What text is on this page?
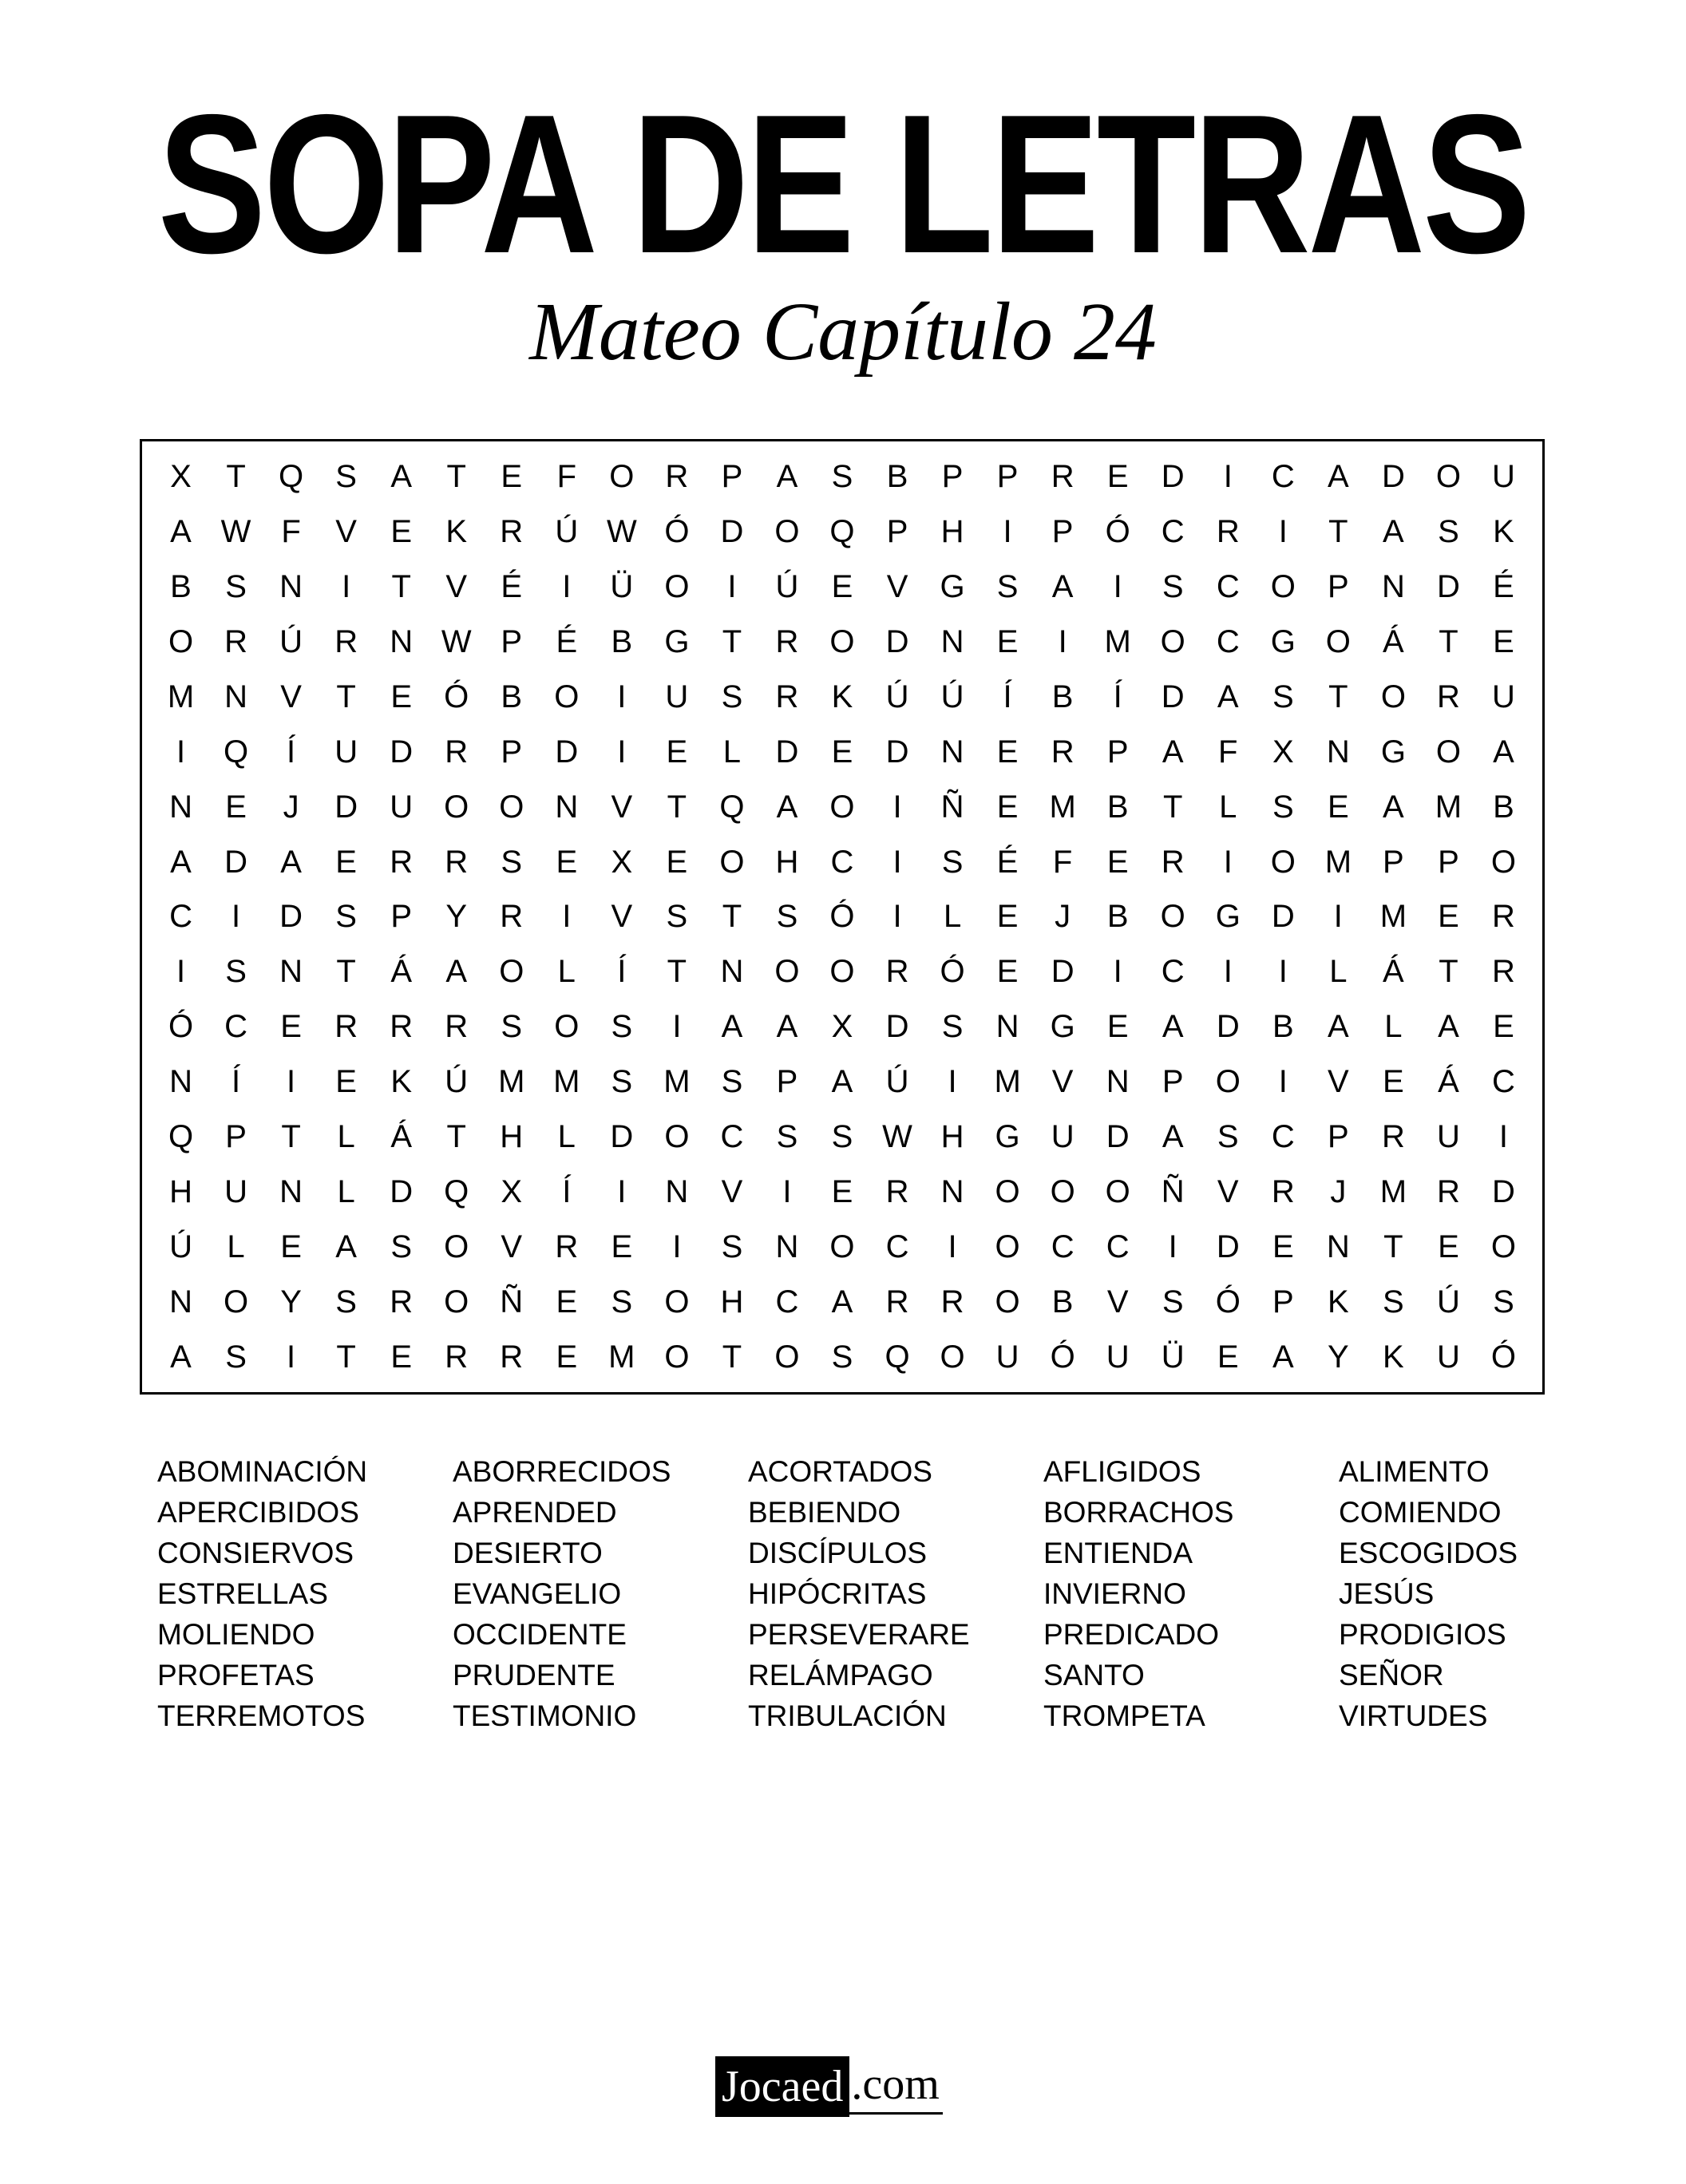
SOPA DE LETRAS
Mateo Capítulo 24
X	T	Q	S	A	T	E	F	O R	P	A	S	B	P	P	R	E	D	I	C	A	D O U
A W F	V	E	K	R	Ú W Ó D O Q	P	H	I	P	Ó C	R	I	T	A	S	K
B	S	N	I	T	V	É	I	Ü O	I	Ú	E	V	G	S	A	I	S	C O	P	N	D	É
O R	Ú	R	N W P	É	B	G	T	R O D	N	E	I	M O C G O	Á	T	E
M N	V	T	E	Ó	B	O	I	U	S	R	K	Ú	Ú	Í	B	Í	D	A	S	T	O R	U
I	Q	Í	U	D	R	P	D	I	E	L	D	E	D	N	E	R	P	A	F	X	N G O	A
N	E	J	D	U O O N	V	T	Q	A	O	I	Ñ	E M B	T	L	S	E	A M B
A	D	A	E	R	R	S	E	X	E	O H	C	I	S	É	F	E	R	I	O M P	P	O
C	I	D	S	P	Y	R	I	V	S	T	S	Ó	I	L	E	J	B	O G D	I	M E	R
I	S	N	T	Á	A	O	L	Í	T	N O O R Ó	E	D	I	C	I	I	L	Á	T	R
Ó C	E	R	R	R	S	O	S	I	A	A	X	D	S	N G	E	A	D	B	A	L	A	E
N	Í	I	E	K	Ú M M S M S	P	A	Ú	I	M V	N	P	O	I	V	E	Á	C
Q	P	T	L	Á	T	H	L	D O C	S	S W H G U	D	A	S	C	P	R	U	I
H	U	N	L	D Q	X	Í	I	N	V	I	E	R	N O O O Ñ	V	R	J	M R	D
Ú	L	E	A	S	O	V	R	E	I	S	N O C	I	O C	C	I	D	E	N	T	E	O
N O	Y	S	R O Ñ	E	S	O H	C	A	R	R O	B	V	S	Ó	P	K	S	Ú	S
A	S	I	T	E	R	R	E M O	T	O	S	Q O U Ó U	Ü	E	A	Y	K	U Ó
ABOMINACIÓN	ABORRECIDOS	ACORTADOS	AFLIGIDOS	ALIMENTO
APERCIBIDOS	APRENDED	BEBIENDO	BORRACHOS	COMIENDO
CONSIERVOS	DESIERTO	DISCÍPULOS	ENTIENDA	ESCOGIDOS
ESTRELLAS	EVANGELIO	HIPÓCRITAS	INVIERNO	JESÚS
MOLIENDO	OCCIDENTE	PERSEVERARE	PREDICADO	PRODIGIOS
PROFETAS	PRUDENTE	RELÁMPAGO	SANTO	SEÑOR
TERREMOTOS	TESTIMONIO	TRIBULACIÓN	TROMPETA	VIRTUDES
Jocaed .com
